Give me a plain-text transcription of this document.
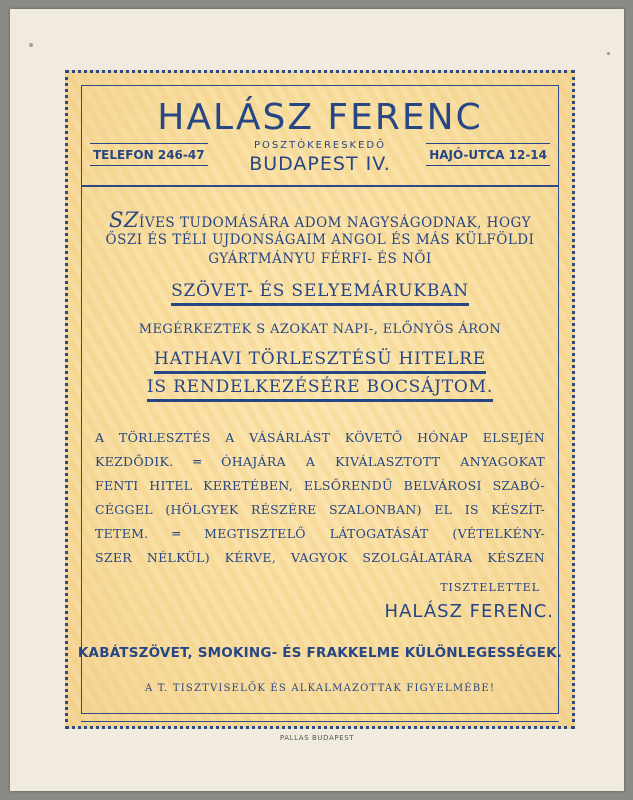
HALÁSZ FERENC
TELEFON 246-47	HAJÓ-UTCA 12-14
POSZTÓKERESKEDŐ
BUDAPEST IV.
SZÍVES TUDOMÁSÁRA ADOM NAGYSÁGODNAK, HOGY
ŐSZI ÉS TÉLI UJDONSÁGAIM ANGOL ÉS MÁS KÜLFÖLDI
GYÁRTMÁNYU FÉRFI- ÉS NŐI
SZÖVET- ÉS SELYEMÁRUKBAN
MEGÉRKEZTEK S AZOKAT NAPI-, ELŐNYÖS ÁRON
HATHAVI TÖRLESZTÉSÜ HITELRE
IS RENDELKEZÉSÉRE BOCSÁJTOM.
A TÖRLESZTÉS A VÁSÁRLÁST KÖVETŐ HÓNAP ELSEJÉN
KEZDŐDIK. ═ ÓHAJÁRA A KIVÁLASZTOTT ANYAGOKAT
FENTI HITEL KERETÉBEN, ELSŐRENDŰ BELVÁROSI SZABÓ-
CÉGGEL (HÖLGYEK RÉSZÉRE SZALONBAN) EL IS KÉSZÍT-
TETEM. ═ MEGTISZTELŐ LÁTOGATÁSÁT (VÉTELKÉNY-
SZER NÉLKÜL) KÉRVE, VAGYOK SZOLGÁLATÁRA KÉSZEN
TISZTELETTEL
HALÁSZ FERENC.
KABÁTSZÖVET, SMOKING- ÉS FRAKKELME KÜLÖNLEGESSÉGEK.
A T. TISZTVISELŐK ÉS ALKALMAZOTTAK FIGYELMÉBE!
PALLAS BUDAPEST
